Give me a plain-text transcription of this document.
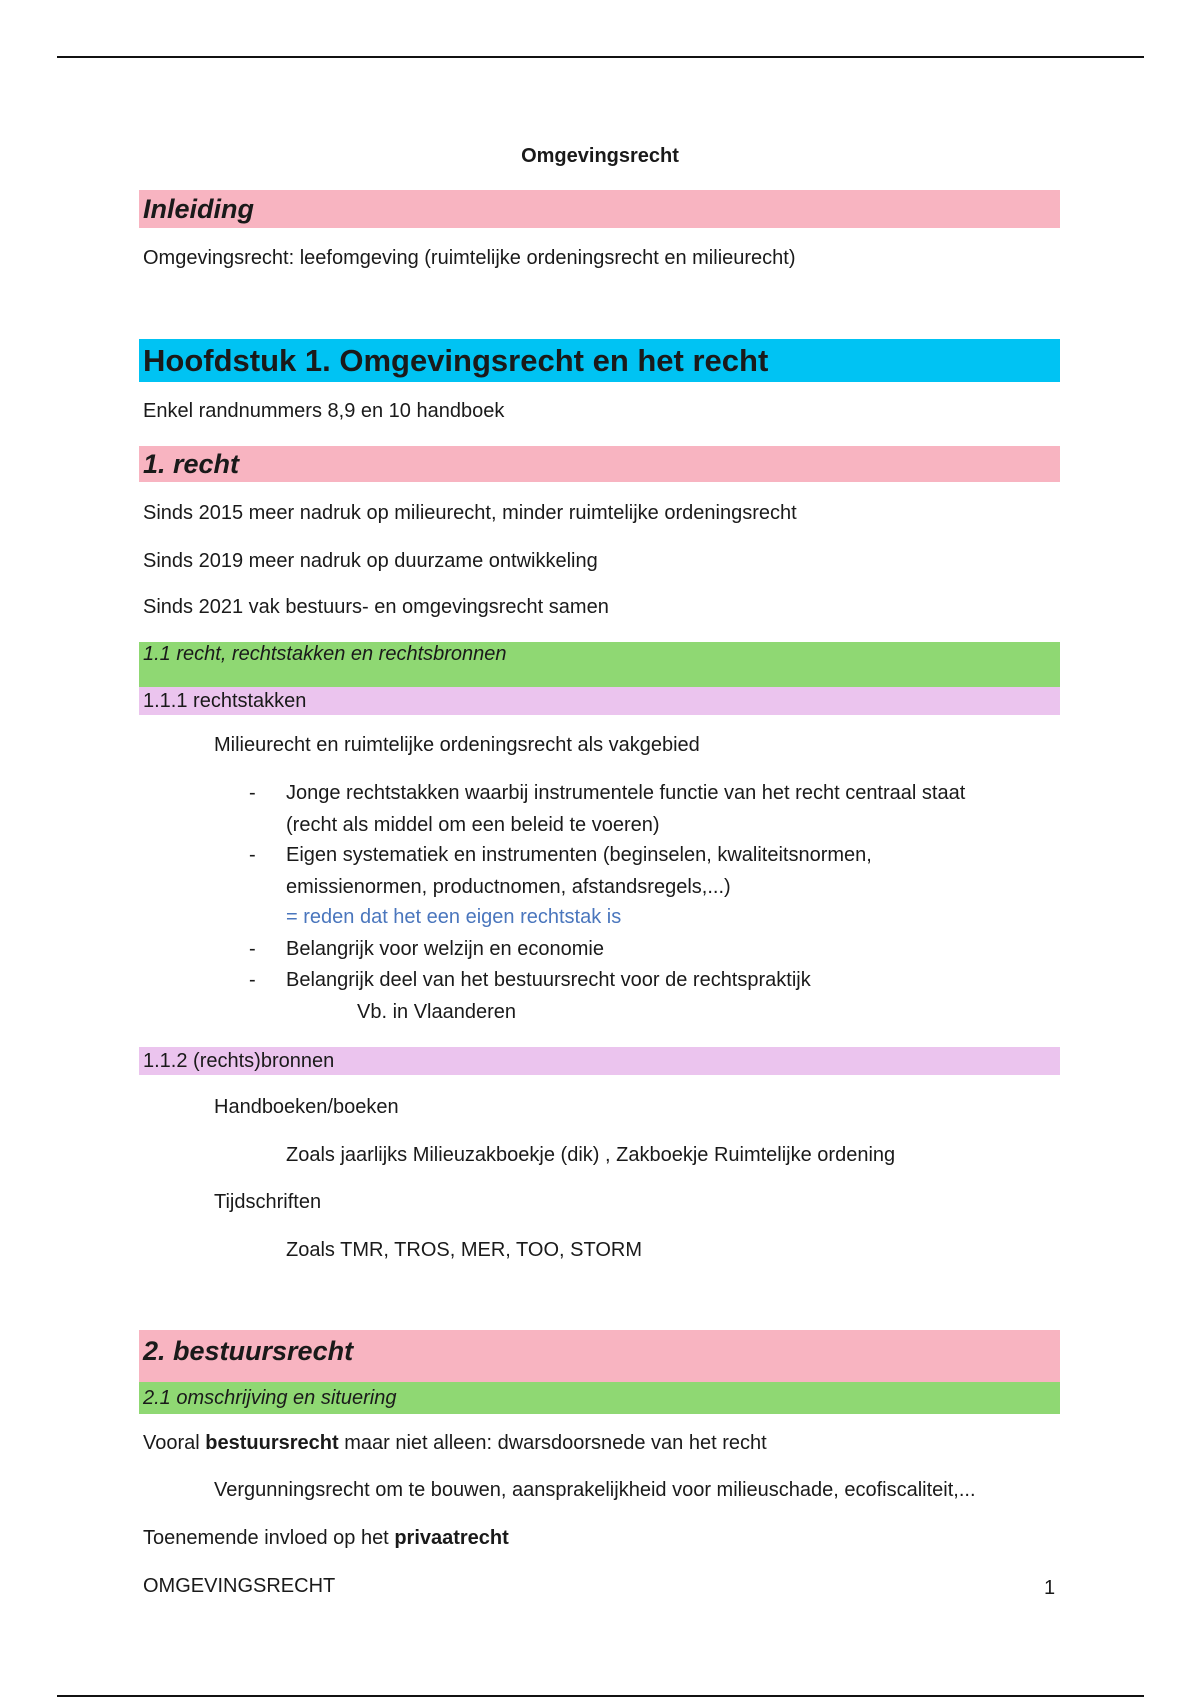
Omgevingsrecht
Inleiding
Omgevingsrecht: leefomgeving (ruimtelijke ordeningsrecht en milieurecht)
Hoofdstuk 1. Omgevingsrecht en het recht
Enkel randnummers 8,9 en 10 handboek
1. recht
Sinds 2015 meer nadruk op milieurecht, minder ruimtelijke ordeningsrecht
Sinds 2019 meer nadruk op duurzame ontwikkeling
Sinds 2021 vak bestuurs- en omgevingsrecht samen
1.1 recht, rechtstakken en rechtsbronnen
1.1.1 rechtstakken
Milieurecht en ruimtelijke ordeningsrecht als vakgebied
- Jonge rechtstakken waarbij instrumentele functie van het recht centraal staat
(recht als middel om een beleid te voeren)
- Eigen systematiek en instrumenten (beginselen, kwaliteitsnormen,
emissienormen, productnomen, afstandsregels,...)
= reden dat het een eigen rechtstak is
- Belangrijk voor welzijn en economie
- Belangrijk deel van het bestuursrecht voor de rechtspraktijk
Vb. in Vlaanderen
1.1.2 (rechts)bronnen
Handboeken/boeken
Zoals jaarlijks Milieuzakboekje (dik) , Zakboekje Ruimtelijke ordening
Tijdschriften
Zoals TMR, TROS, MER, TOO, STORM
2. bestuursrecht
2.1 omschrijving en situering
Vooral bestuursrecht maar niet alleen: dwarsdoorsnede van het recht
Vergunningsrecht om te bouwen, aansprakelijkheid voor milieuschade, ecofiscaliteit,...
Toenemende invloed op het privaatrecht
OMGEVINGSRECHT	1
